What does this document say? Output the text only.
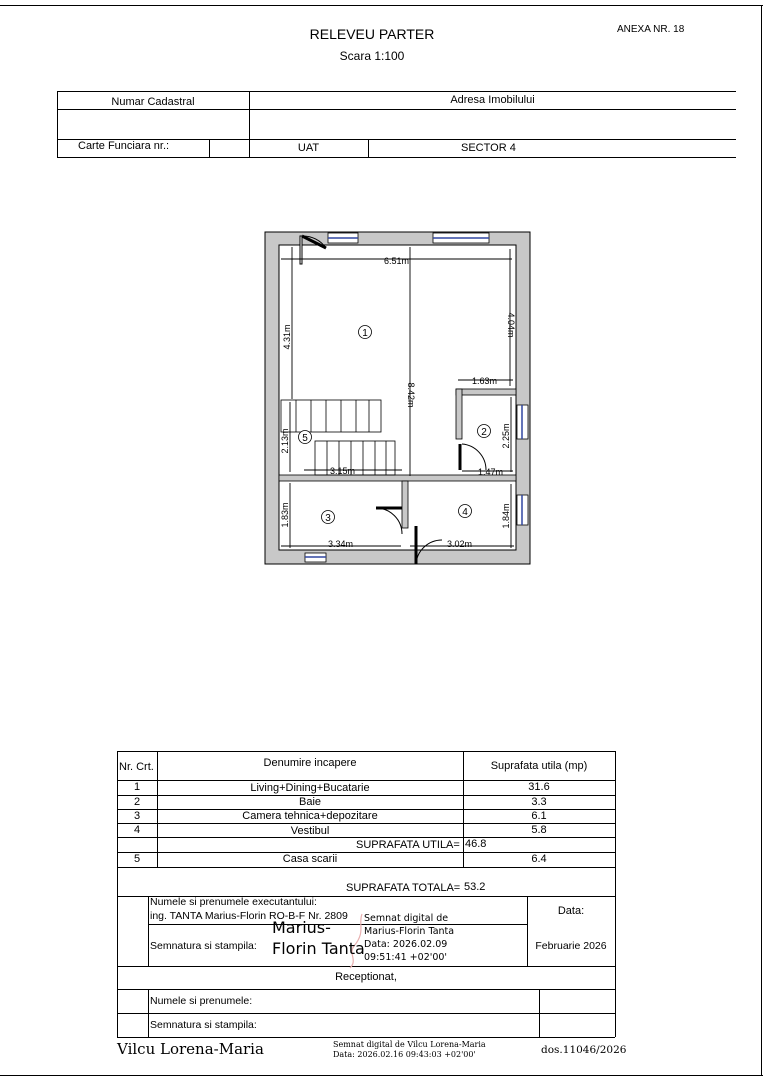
RELEVEU PARTER
Scara 1:100
ANEXA NR. 18
Numar Cadastral	Adresa Imobilului
Carte Funciara nr.:	UAT	SECTOR 4
6.51m
4.31m	4.04m
8.42m
1.63m
2.13m
3.15m
2.25m
1.47m
1.83m
3.34m	3.02m
1.84m
1
2
3
4
5
Nr. Crt.	Denumire incapere	Suprafata utila (mp)
1	Living+Dining+Bucatarie	31.6
2	Baie	3.3
3	Camera tehnica+depozitare	6.1
4	Vestibul	5.8
SUPRAFATA UTILA= 46.8
5	Casa scarii	6.4
SUPRAFATA TOTALA= 53.2
Numele si prenumele executantului:
ing. TANTA Marius-Florin RO-B-F Nr. 2809	Data:
Semnatura si stampila:	Februarie 2026
Marius-
Florin Tanta
Semnat digital de
Marius-Florin Tanta
Data: 2026.02.09
09:51:41 +02'00'
Receptionat,
Numele si prenumele:
Semnatura si stampila:
Vilcu Lorena-Maria	Semnat digital de Vilcu Lorena-Maria
Data: 2026.02.16 09:43:03 +02'00'	dos.11046/2026
